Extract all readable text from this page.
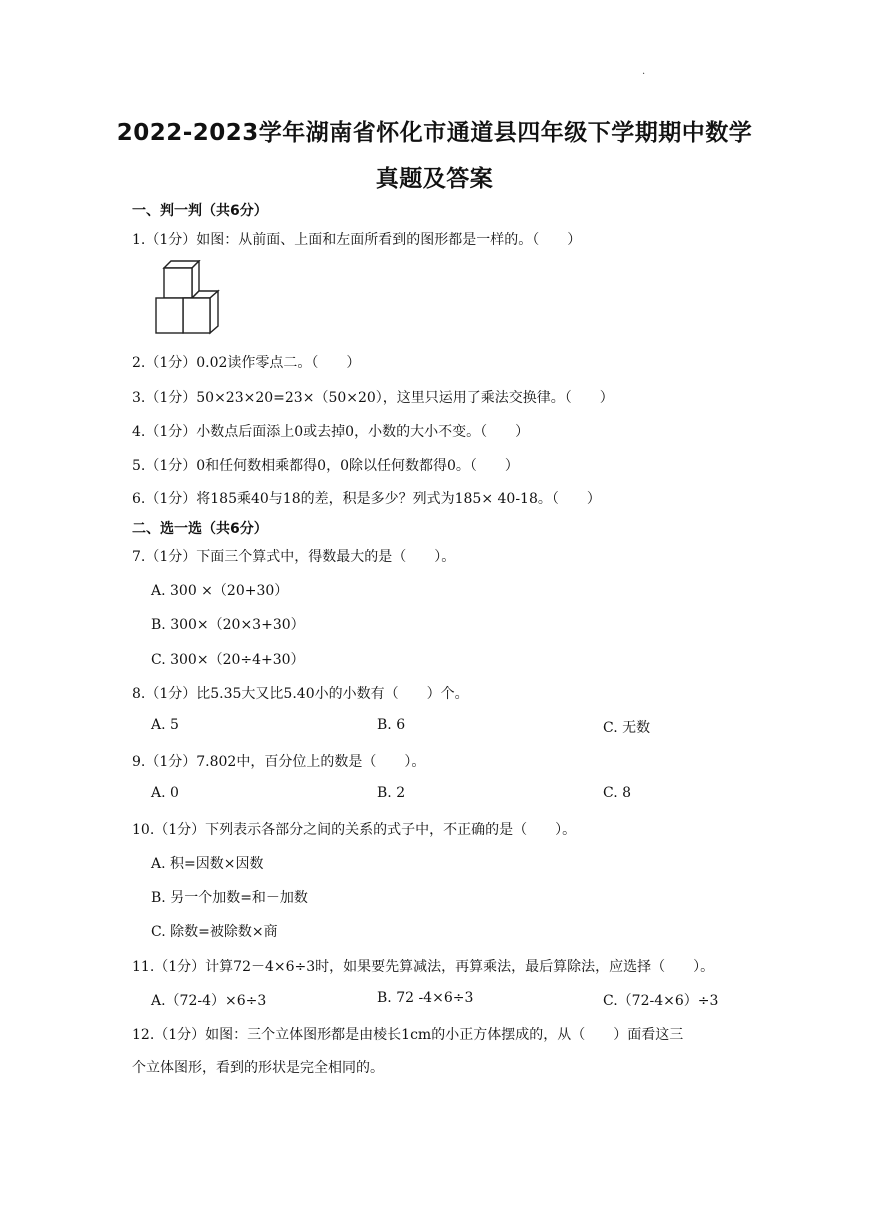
.
2022-2023学年湖南省怀化市通道县四年级下学期期中数学
真题及答案
一、判一判（共6分）
1.（1分）如图：从前面、上面和左面所看到的图形都是一样的。（　　）
2.（1分）0.02读作零点二。（　　）
3.（1分）50×23×20=23×（50×20），这里只运用了乘法交换律。（　　）
4.（1分）小数点后面添上0或去掉0，小数的大小不变。（　　）
5.（1分）0和任何数相乘都得0，0除以任何数都得0。（　　）
6.（1分）将185乘40与18的差，积是多少？列式为185× 40-18。（　　）
二、选一选（共6分）
7.（1分）下面三个算式中，得数最大的是（　　）。
A. 300 ×（20+30）
B. 300×（20×3+30）
C. 300×（20÷4+30）
8.（1分）比5.35大又比5.40小的小数有（　　）个。
A. 5	B. 6	C. 无数
9.（1分）7.802中，百分位上的数是（　　）。
A. 0	B. 2	C. 8
10.（1分）下列表示各部分之间的关系的式子中，不正确的是（　　）。
A. 积=因数×因数
B. 另一个加数=和－加数
C. 除数=被除数×商
11.（1分）计算72－4×6÷3时，如果要先算减法，再算乘法，最后算除法，应选择（　　）。
A.（72-4）×6÷3	B. 72 -4×6÷3	C.（72-4×6）÷3
12.（1分）如图：三个立体图形都是由棱长1cm的小正方体摆成的，从（　　）面看这三
个立体图形，看到的形状是完全相同的。
